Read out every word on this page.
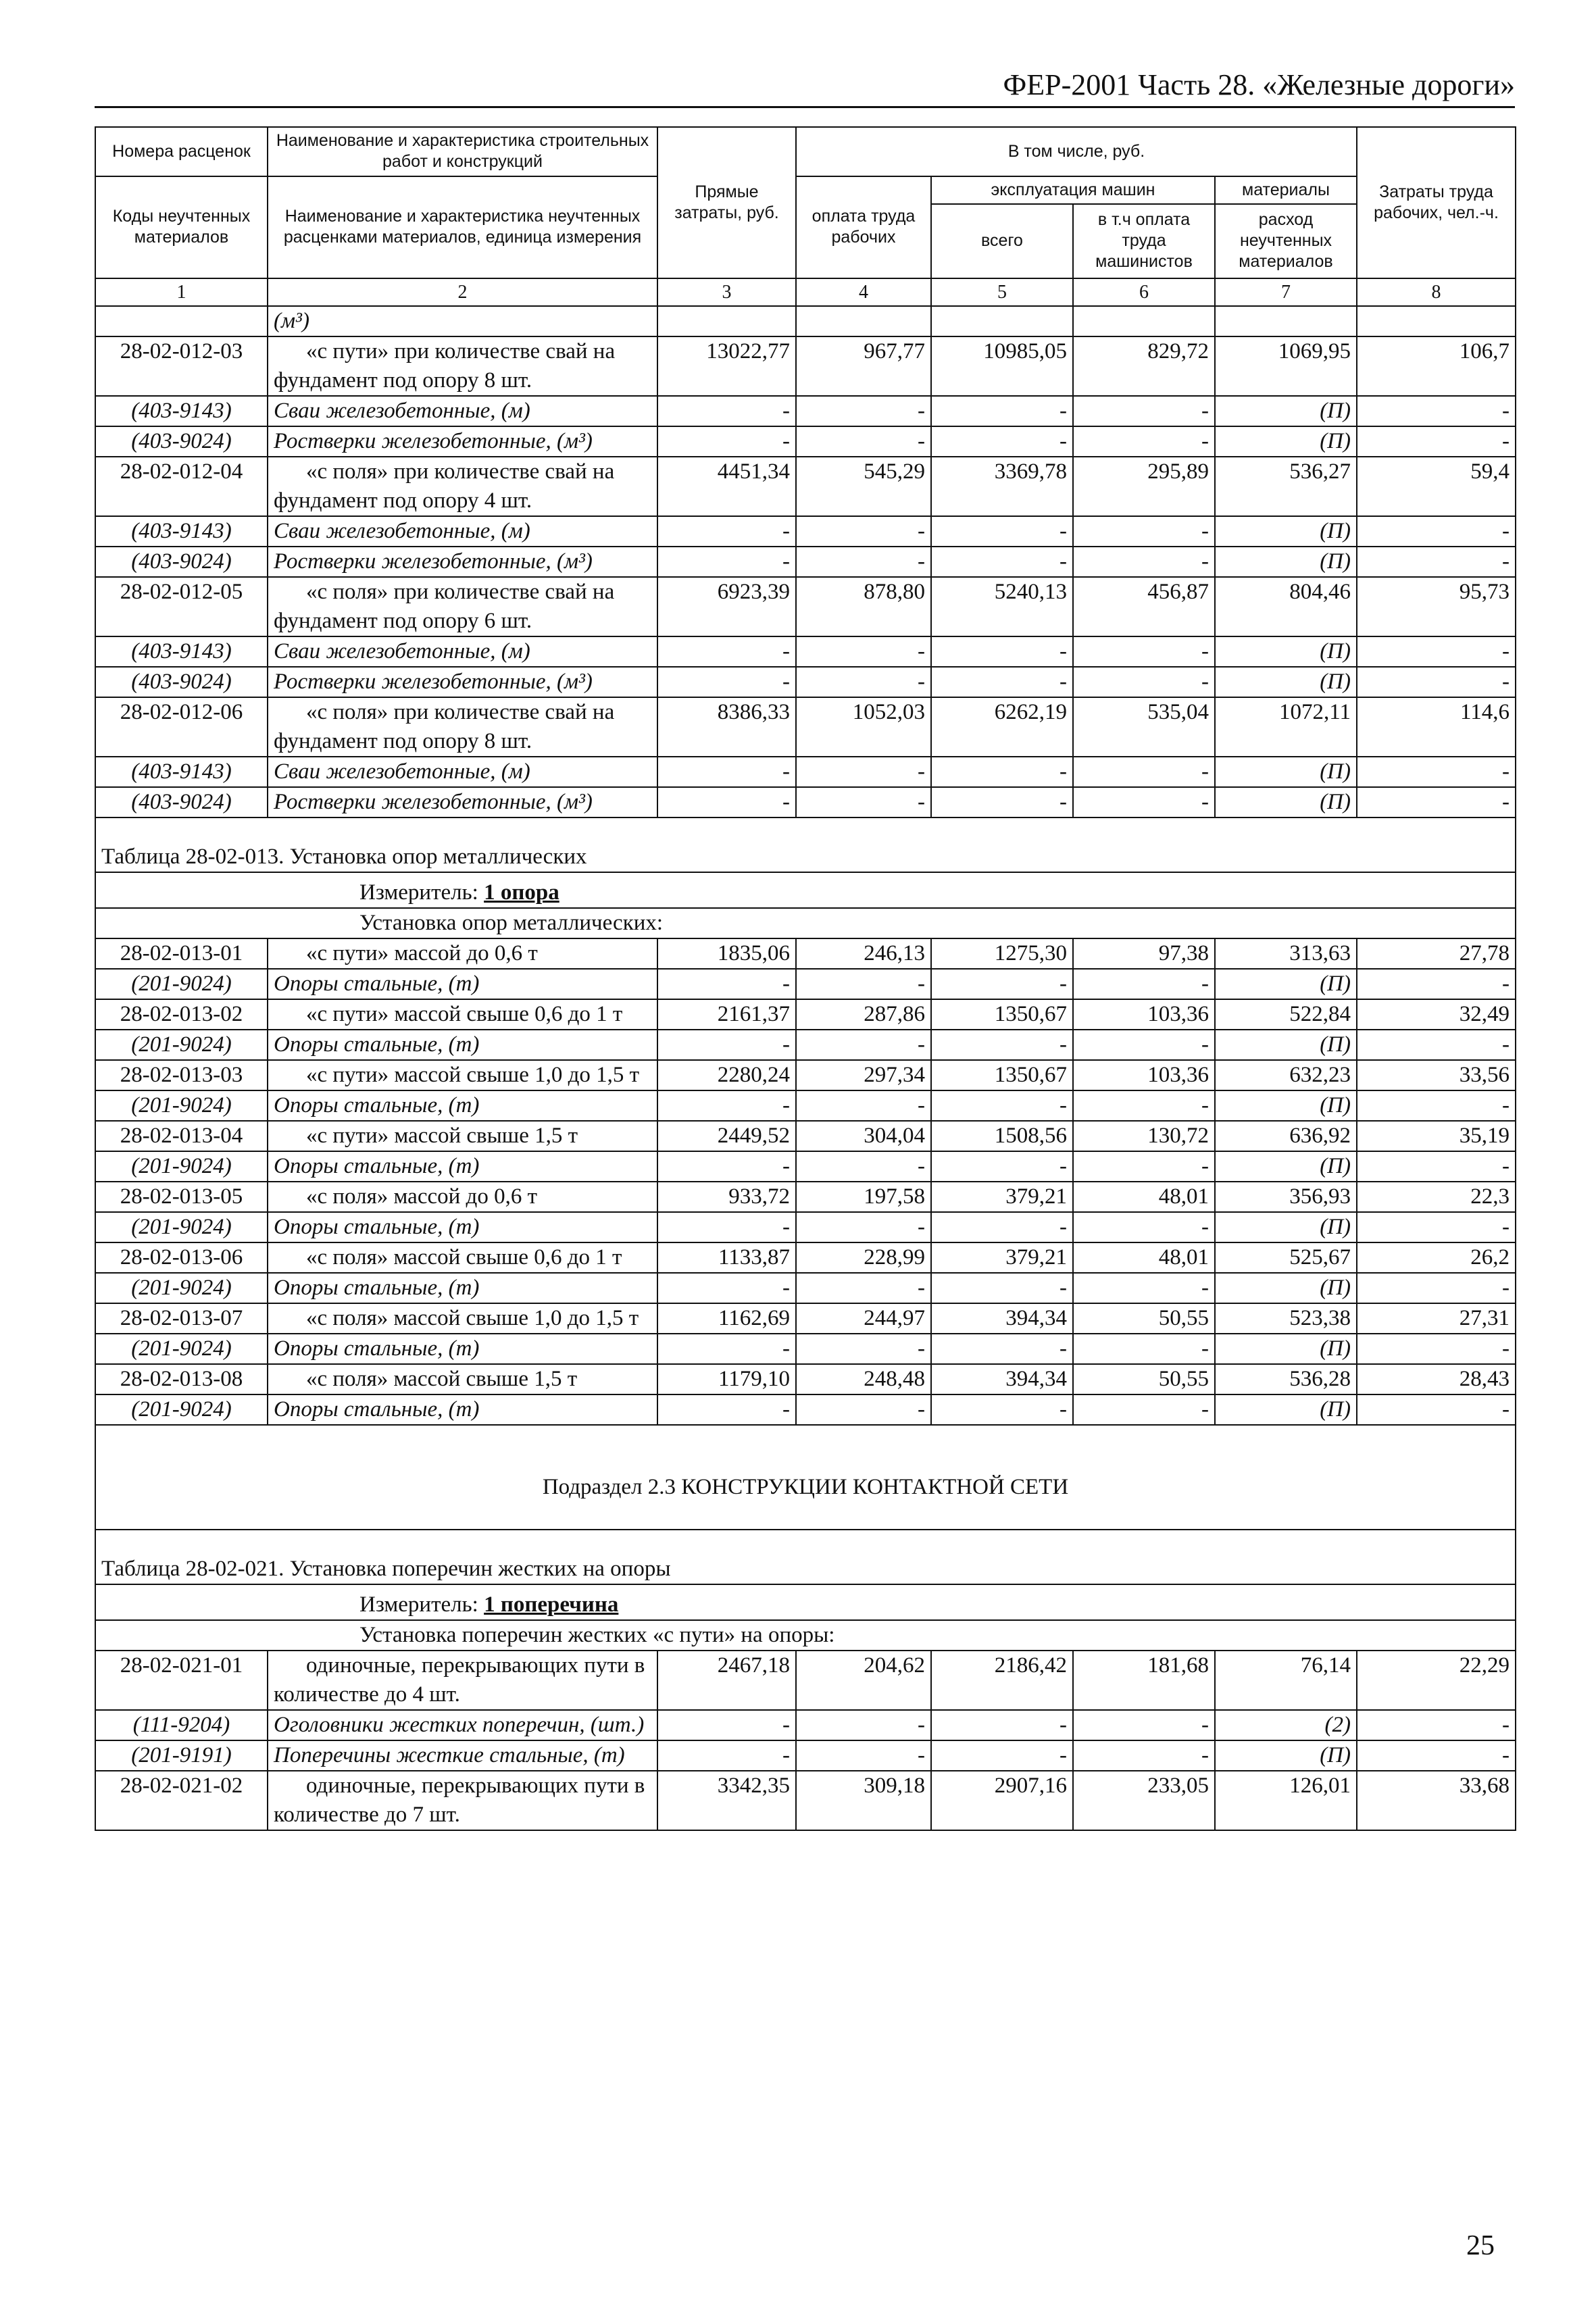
ФЕР-2001 Часть 28. «Железные дороги»
Номера расценок	Наименование и характеристика строительных работ и конструкций	Прямые затраты, руб.	В том числе, руб.				Затраты труда рабочих, чел.-ч.
Коды неучтенных материалов	Наименование и характеристика неучтенных расценками материалов, единица измерения		оплата труда рабочих	эксплуатация машин		материалы	
				всего	в т.ч оплата труда машинистов	расход неучтенных материалов	
1	2	3	4	5	6	7	8
	(м³)						
28-02-012-03	«с пути» при количестве свай на фундамент под опору 8 шт.	13022,77	967,77	10985,05	829,72	1069,95	106,7
(403-9143)	Сваи железобетонные, (м)	-	-	-	-	(П)	-
(403-9024)	Ростверки железобетонные, (м³)	-	-	-	-	(П)	-
28-02-012-04	«с поля» при количестве свай на фундамент под опору 4 шт.	4451,34	545,29	3369,78	295,89	536,27	59,4
(403-9143)	Сваи железобетонные, (м)	-	-	-	-	(П)	-
(403-9024)	Ростверки железобетонные, (м³)	-	-	-	-	(П)	-
28-02-012-05	«с поля» при количестве свай на фундамент под опору 6 шт.	6923,39	878,80	5240,13	456,87	804,46	95,73
(403-9143)	Сваи железобетонные, (м)	-	-	-	-	(П)	-
(403-9024)	Ростверки железобетонные, (м³)	-	-	-	-	(П)	-
28-02-012-06	«с поля» при количестве свай на фундамент под опору 8 шт.	8386,33	1052,03	6262,19	535,04	1072,11	114,6
(403-9143)	Сваи железобетонные, (м)	-	-	-	-	(П)	-
(403-9024)	Ростверки железобетонные, (м³)	-	-	-	-	(П)	-
Таблица 28-02-013. Установка опор металлических							
Измеритель: 1 опора							
Установка опор металлических:							
28-02-013-01	«с пути» массой до 0,6 т	1835,06	246,13	1275,30	97,38	313,63	27,78
(201-9024)	Опоры стальные, (т)	-	-	-	-	(П)	-
28-02-013-02	«с пути» массой свыше 0,6 до 1 т	2161,37	287,86	1350,67	103,36	522,84	32,49
(201-9024)	Опоры стальные, (т)	-	-	-	-	(П)	-
28-02-013-03	«с пути» массой свыше 1,0 до 1,5 т	2280,24	297,34	1350,67	103,36	632,23	33,56
(201-9024)	Опоры стальные, (т)	-	-	-	-	(П)	-
28-02-013-04	«с пути» массой свыше 1,5 т	2449,52	304,04	1508,56	130,72	636,92	35,19
(201-9024)	Опоры стальные, (т)	-	-	-	-	(П)	-
28-02-013-05	«с поля» массой до 0,6 т	933,72	197,58	379,21	48,01	356,93	22,3
(201-9024)	Опоры стальные, (т)	-	-	-	-	(П)	-
28-02-013-06	«с поля» массой свыше 0,6 до 1 т	1133,87	228,99	379,21	48,01	525,67	26,2
(201-9024)	Опоры стальные, (т)	-	-	-	-	(П)	-
28-02-013-07	«с поля» массой свыше 1,0 до 1,5 т	1162,69	244,97	394,34	50,55	523,38	27,31
(201-9024)	Опоры стальные, (т)	-	-	-	-	(П)	-
28-02-013-08	«с поля» массой свыше 1,5 т	1179,10	248,48	394,34	50,55	536,28	28,43
(201-9024)	Опоры стальные, (т)	-	-	-	-	(П)	-
Подраздел 2.3 КОНСТРУКЦИИ КОНТАКТНОЙ СЕТИ							
Таблица 28-02-021. Установка поперечин жестких на опоры							
Измеритель: 1 поперечина							
Установка поперечин жестких «с пути» на опоры:							
28-02-021-01	одиночные, перекрывающих пути в количестве до 4 шт.	2467,18	204,62	2186,42	181,68	76,14	22,29
(111-9204)	Оголовники жестких поперечин, (шт.)	-	-	-	-	(2)	-
(201-9191)	Поперечины жесткие стальные, (т)	-	-	-	-	(П)	-
28-02-021-02	одиночные, перекрывающих пути в количестве до 7 шт.	3342,35	309,18	2907,16	233,05	126,01	33,68
25
